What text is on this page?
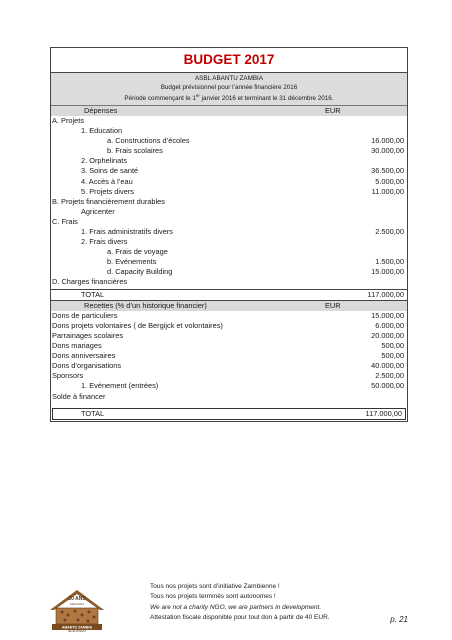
BUDGET 2017
ASBL ABANTU ZAMBIA
Budget prévisionnel pour l’année financière 2016
Période commençant le 1er janvier 2016 et terminant le 31 décembre 2016.
Dépenses	EUR
A. Projets
1. Education
a. Constructions d’écoles	16.000,00
b. Frais scolaires	30.000,00
2. Orphelinats
3. Soins de santé	36.500,00
4. Accès à l’eau	5.000,00
5. Projets divers	11.000,00
B. Projets financièrement durables
Agricenter
C. Frais
1. Frais administratifs divers	2.500,00
2. Frais divers
a. Frais de voyage
b. Evénements	1.500,00
d. Capacity Building	15.000,00
D. Charges financières
TOTAL	117.000,00
Recettes (% d’un historique financier)	EUR
Dons de particuliers	15.000,00
Dons projets volontaires ( de Bergijck et volontaires)	6.000,00
Parrainages scolaires	20.000,00
Dons mariages	500,00
Dons anniversaires	500,00
Dons d’organisations	40.000,00
Sponsors	2.500,00
1. Evénement (entrées)	50.000,00
Solde à financer
TOTAL	117.000,00
20 ANS
1994-2014
ABANTU ZAMBIA
DEVELOPMENT
Tous nos projets sont d’initiative Zambienne !
Tous nos projets terminés sont autonomes !
We are not a charity NGO, we are partners in development.
Attestation fiscale disponible pour tout don à partir de 40 EUR.	p. 21
